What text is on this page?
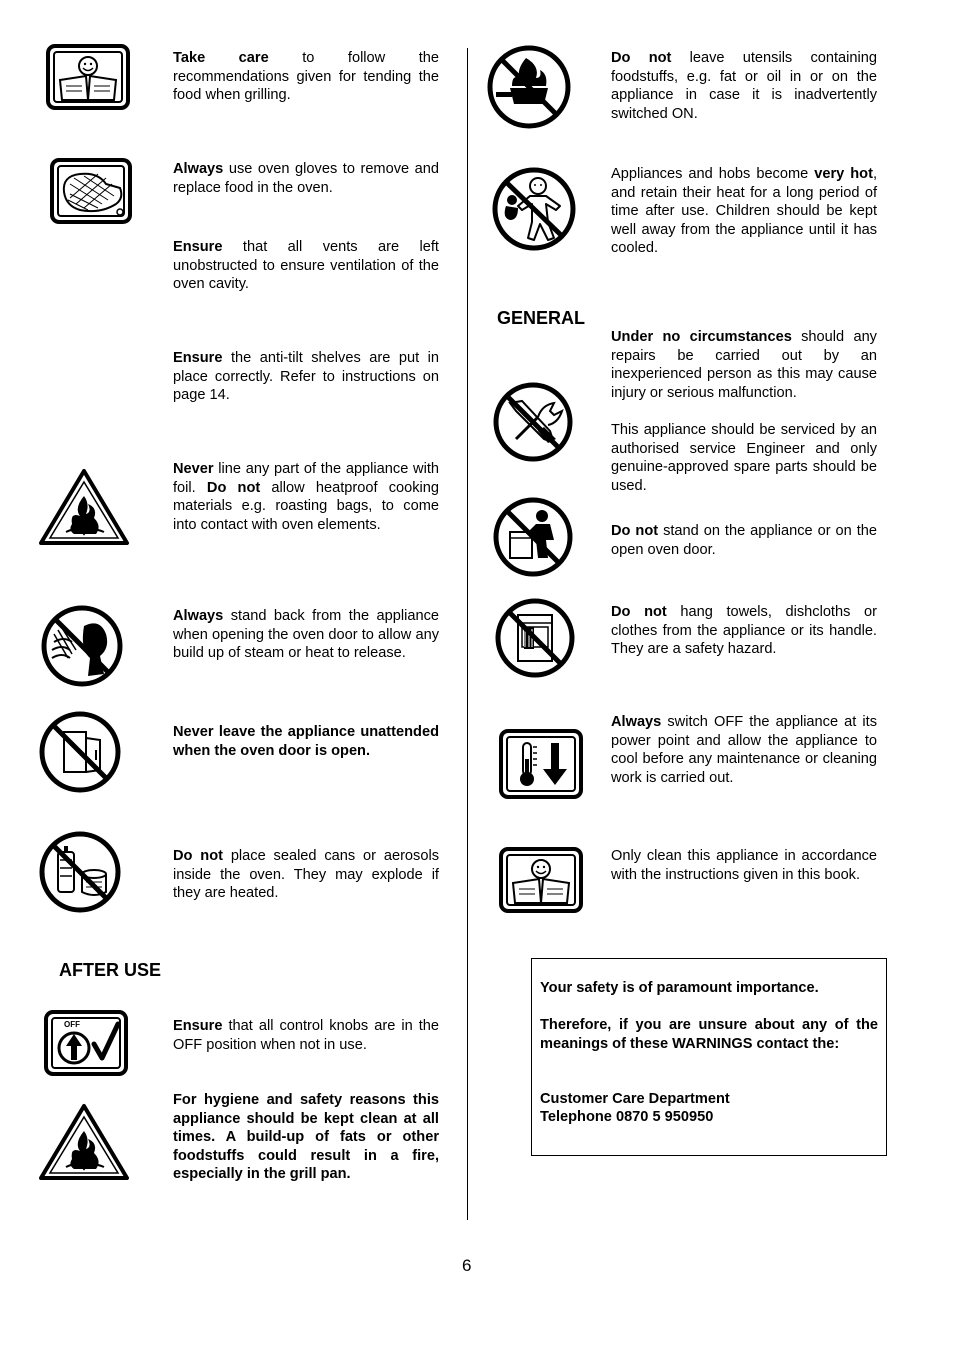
Take care to follow the recommendations given for tending the food when grilling.
Always use oven gloves to remove and replace food in the oven.
Ensure that all vents are left unobstructed to ensure ventilation of the oven cavity.
Ensure the anti-tilt shelves are put in place correctly. Refer to instructions on page 14.
Never line any part of the appliance with foil. Do not allow heatproof cooking materials e.g. roasting bags, to come into contact with oven elements.
Always stand back from the appliance when opening the oven door to allow any build up of steam or heat to release.
Never leave the appliance unattended when the oven door is open.
Do not place sealed cans or aerosols inside the oven. They may explode if they are heated.
AFTER USE
OFF	Ensure that all control knobs are in the OFF position when not in use.
For hygiene and safety reasons this appliance should be kept clean at all times. A build-up of fats or other foodstuffs could result in a fire, especially in the grill pan.
Do not leave utensils containing foodstuffs, e.g. fat or oil in or on the appliance in case it is inadvertently switched ON.
Appliances and hobs become very hot, and retain their heat for a long period of time after use. Children should be kept well away from the appliance until it has cooled.
GENERAL
Under no circumstances should any repairs be carried out by an inexperienced person as this may cause injury or serious malfunction.
This appliance should be serviced by an authorised service Engineer and only genuine-approved spare parts should be used.
Do not stand on the appliance or on the open oven door.
Do not hang towels, dishcloths or clothes from the appliance or its handle. They are a safety hazard.
Always switch OFF the appliance at its power point and allow the appliance to cool before any maintenance or cleaning work is carried out.
Only clean this appliance in accordance with the instructions given in this book.

Your safety is of paramount importance.

Therefore, if you are unsure about any of the meanings of these WARNINGS contact the:

Customer Care Department

Telephone 0870 5 950950

6
